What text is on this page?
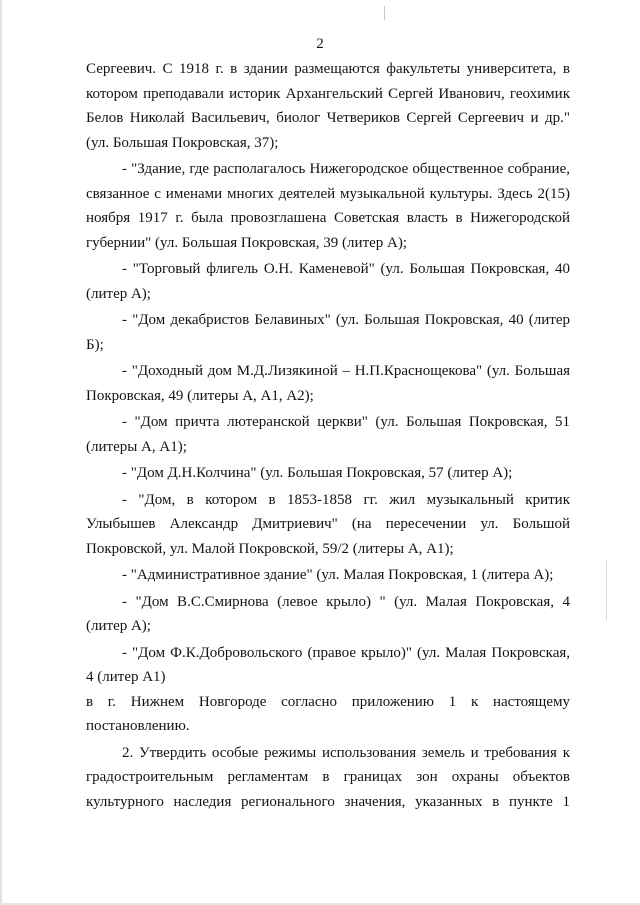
2

Сергеевич. С 1918 г. в здании размещаются факультеты университета, в
котором преподавали историк Архангельский Сергей Иванович, геохимик
Белов Николай Васильевич, биолог Четвериков Сергей Сергеевич и др."
(ул. Большая Покровская, 37);

- "Здание, где располагалось Нижегородское общественное собрание,
связанное с именами многих деятелей музыкальной культуры. Здесь 2(15)
ноября 1917 г. была провозглашена Советская власть в Нижегородской
губернии" (ул. Большая Покровская, 39 (литер А);

- "Торговый флигель О.Н. Каменевой" (ул. Большая Покровская, 40
(литер А);

- "Дом декабристов Белавиных" (ул. Большая Покровская, 40 (литер
Б);

- "Доходный дом М.Д.Лизякиной – Н.П.Краснощекова" (ул. Большая
Покровская, 49 (литеры А, А1, А2);

- "Дом причта лютеранской церкви" (ул. Большая Покровская, 51
(литеры А, А1);

- "Дом Д.Н.Колчина" (ул. Большая Покровская, 57 (литер А);

- "Дом, в котором в 1853-1858 гг. жил музыкальный критик
Улыбышев Александр Дмитриевич" (на пересечении ул. Большой
Покровской, ул. Малой Покровской, 59/2 (литеры А, А1);

- "Административное здание" (ул. Малая Покровская, 1 (литера А);

- "Дом В.С.Смирнова (левое крыло) " (ул. Малая Покровская, 4
(литер А);

- "Дом Ф.К.Добровольского (правое крыло)" (ул. Малая Покровская,
4 (литер А1)

в г. Нижнем Новгороде согласно приложению 1 к настоящему
постановлению.

2. Утвердить особые режимы использования земель и требования к
градостроительным регламентам в границах зон охраны объектов
культурного наследия регионального значения, указанных в пункте 1
